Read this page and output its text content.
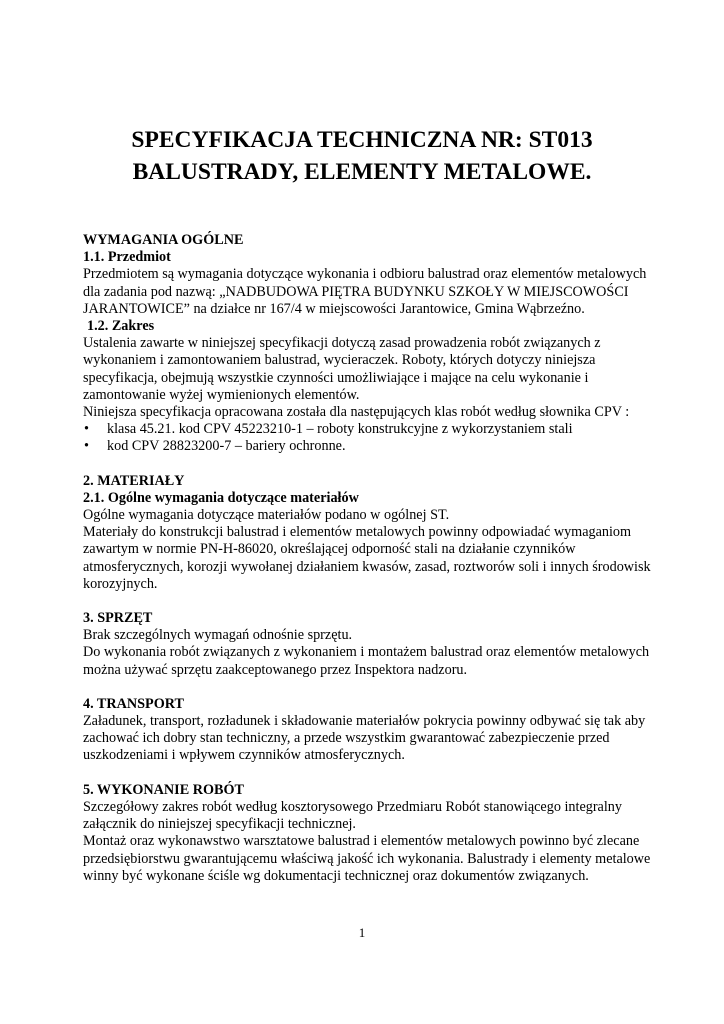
SPECYFIKACJA TECHNICZNA NR: ST013
BALUSTRADY, ELEMENTY METALOWE.

WYMAGANIA OGÓLNE

1.1. Przedmiot

Przedmiotem są wymagania dotyczące wykonania i odbioru balustrad oraz elementów metalowych dla zadania pod nazwą: „NADBUDOWA PIĘTRA BUDYNKU SZKOŁY W MIEJSCOWOŚCI JARANTOWICE” na działce nr 167/4 w miejscowości Jarantowice, Gmina Wąbrzeźno.

1.2. Zakres

Ustalenia zawarte w niniejszej specyfikacji dotyczą zasad prowadzenia robót związanych z wykonaniem i zamontowaniem balustrad, wycieraczek. Roboty, których dotyczy niniejsza specyfikacja, obejmują wszystkie czynności umożliwiające i mające na celu wykonanie i zamontowanie wyżej wymienionych elementów.

Niniejsza specyfikacja opracowana została dla następujących klas robót według słownika CPV :

• klasa 45.21. kod CPV 45223210-1 – roboty konstrukcyjne z wykorzystaniem stali
• kod CPV 28823200-7 – bariery ochronne.

2. MATERIAŁY

2.1. Ogólne wymagania dotyczące materiałów

Ogólne wymagania dotyczące materiałów podano w ogólnej ST.

Materiały do konstrukcji balustrad i elementów metalowych powinny odpowiadać wymaganiom zawartym w normie PN-H-86020, określającej odporność stali na działanie czynników atmosferycznych, korozji wywołanej działaniem kwasów, zasad, roztworów soli i innych środowisk korozyjnych.

3. SPRZĘT

Brak szczególnych wymagań odnośnie sprzętu.

Do wykonania robót związanych z wykonaniem i montażem balustrad oraz elementów metalowych można używać sprzętu zaakceptowanego przez Inspektora nadzoru.

4. TRANSPORT

Załadunek, transport, rozładunek i składowanie materiałów pokrycia powinny odbywać się tak aby zachować ich dobry stan techniczny, a przede wszystkim gwarantować zabezpieczenie przed uszkodzeniami i wpływem czynników atmosferycznych.

5. WYKONANIE ROBÓT

Szczegółowy zakres robót według kosztorysowego Przedmiaru Robót stanowiącego integralny załącznik do niniejszej specyfikacji technicznej.

Montaż oraz wykonawstwo warsztatowe balustrad i elementów metalowych powinno być zlecane przedsiębiorstwu gwarantującemu właściwą jakość ich wykonania. Balustrady i elementy metalowe winny być wykonane ściśle wg dokumentacji technicznej oraz dokumentów związanych.

1
